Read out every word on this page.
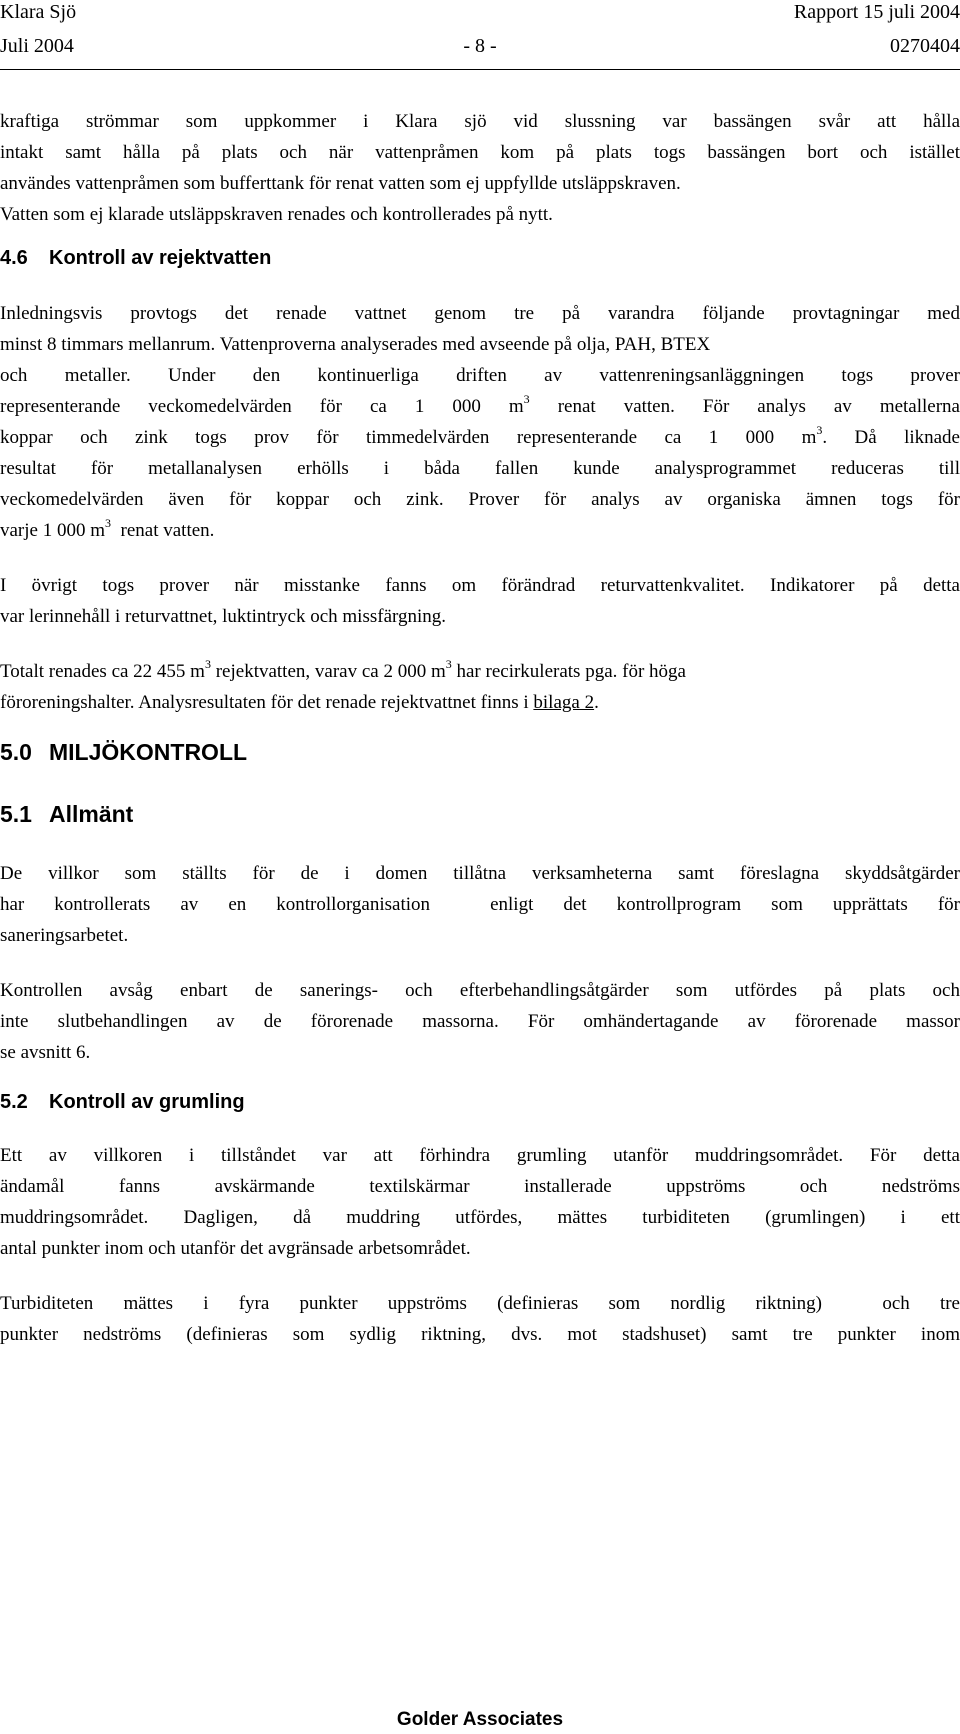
Klara Sjö	Rapport 15 juli 2004
Juli 2004	- 8 -	0270404
kraftiga strömmar som uppkommer i Klara sjö vid slussning var bassängen svår att hålla
intakt samt hålla på plats och när vattenpråmen kom på plats togs bassängen bort och istället
användes vattenpråmen som bufferttank för renat vatten som ej uppfyllde utsläppskraven.
Vatten som ej klarade utsläppskraven renades och kontrollerades på nytt.
4.6 Kontroll av rejektvatten
Inledningsvis provtogs det renade vattnet genom tre på varandra följande provtagningar med
minst 8 timmars mellanrum. Vattenproverna analyserades med avseende på olja, PAH, BTEX
och metaller. Under den kontinuerliga driften av vattenreningsanläggningen togs prover
representerande veckomedelvärden för ca 1 000 $m^3$ renat vatten. För analys av metallerna
koppar och zink togs prov för timmedelvärden representerande ca 1 000 $m^3$. Då liknade
resultat för metallanalysen erhölls i båda fallen kunde analysprogrammet reduceras till
veckomedelvärden även för koppar och zink. Prover för analys av organiska ämnen togs för
varje 1 000 $m^3$  renat vatten.
I övrigt togs prover när misstanke fanns om förändrad returvattenkvalitet. Indikatorer på detta
var lerinnehåll i returvattnet, luktintryck och missfärgning.
Totalt renades ca 22 455 $m^3$ rejektvatten, varav ca 2 000 $m^3$ har recirkulerats pga. för höga
föroreningshalter. Analysresultaten för det renade rejektvattnet finns i bilaga 2.
5.0 MILJÖKONTROLL
5.1 Allmänt
De villkor som ställts för de i domen tillåtna verksamheterna samt föreslagna skyddsåtgärder
har kontrollerats av en kontrollorganisation  enligt det kontrollprogram som upprättats för
saneringsarbetet.
Kontrollen avsåg enbart de sanerings- och efterbehandlingsåtgärder som utfördes på plats och
inte slutbehandlingen av de förorenade massorna. För omhändertagande av förorenade massor
se avsnitt 6.
5.2 Kontroll av grumling
Ett av villkoren i tillståndet var att förhindra grumling utanför muddringsområdet. För detta
ändamål fanns avskärmande textilskärmar installerade uppströms och nedströms
muddringsområdet. Dagligen, då muddring utfördes, mättes turbiditeten (grumlingen) i ett
antal punkter inom och utanför det avgränsade arbetsområdet.
Turbiditeten mättes i fyra punkter uppströms (definieras som nordlig riktning)  och tre
punkter nedströms (definieras som sydlig riktning, dvs. mot stadshuset) samt tre punkter inom
Golder Associates
